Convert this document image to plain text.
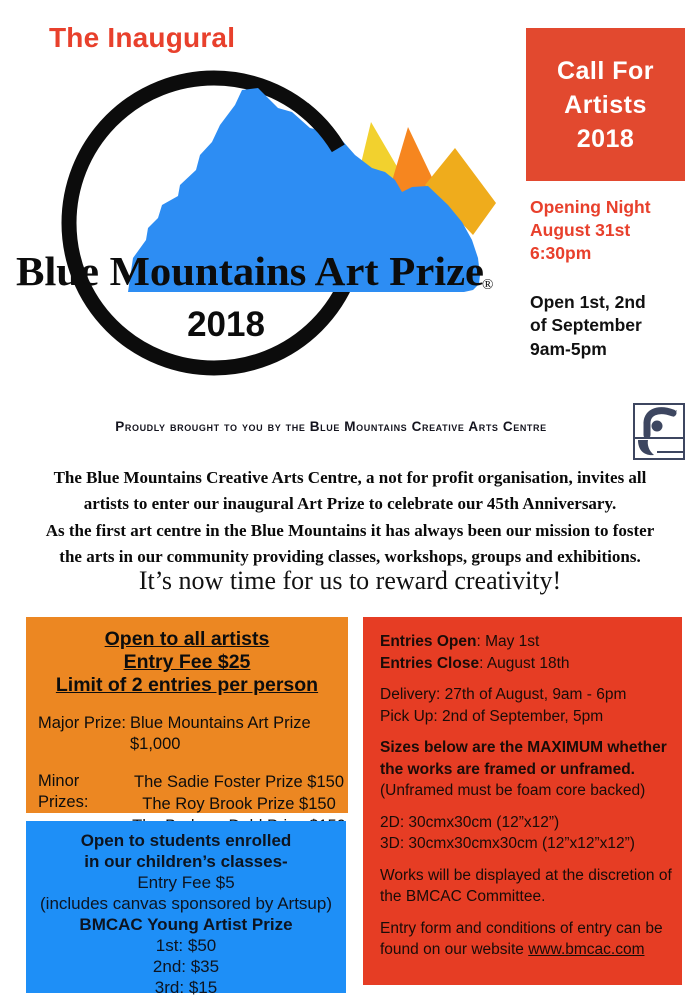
The Inaugural
Call For
Artists
2018
Opening Night
August 31st
6:30pm
Open 1st, 2nd
of September
9am-5pm
Blue Mountains Art Prize
®
2018
Proudly brought to you by the Blue Mountains Creative Arts Centre
The Blue Mountains Creative Arts Centre, a not for profit organisation, invites all
artists to enter our inaugural Art Prize to celebrate our 45th Anniversary.
As the first art centre in the Blue Mountains it has always been our mission to foster
the arts in our community providing classes, workshops, groups and exhibitions.
It’s now time for us to reward creativity!
Open to all artists
Entry Fee $25
Limit of 2 entries per person
Major Prize: Blue Mountains Art Prize $1,000
Minor Prizes:
The Sadie Foster Prize $150
The Roy Brook Prize $150
Open to students enrolled
in our children’s classes-
Entry Fee $5
(includes canvas sponsored by Artsup)
BMCAC Young Artist Prize
1st: $50
2nd: $35
3rd: $15
Entries Open: May 1st
Entries Close: August 18th
Delivery: 27th of August, 9am - 6pm
Pick Up: 2nd of September, 5pm
Sizes below are the MAXIMUM whether
the works are framed or unframed.
(Unframed must be foam core backed)
2D: 30cmx30cm (12”x12”)
3D: 30cmx30cmx30cm (12”x12”x12”)
Works will be displayed at the discretion of
the BMCAC Committee.
Entry form and conditions of entry can be
found on our website www.bmcac.com
